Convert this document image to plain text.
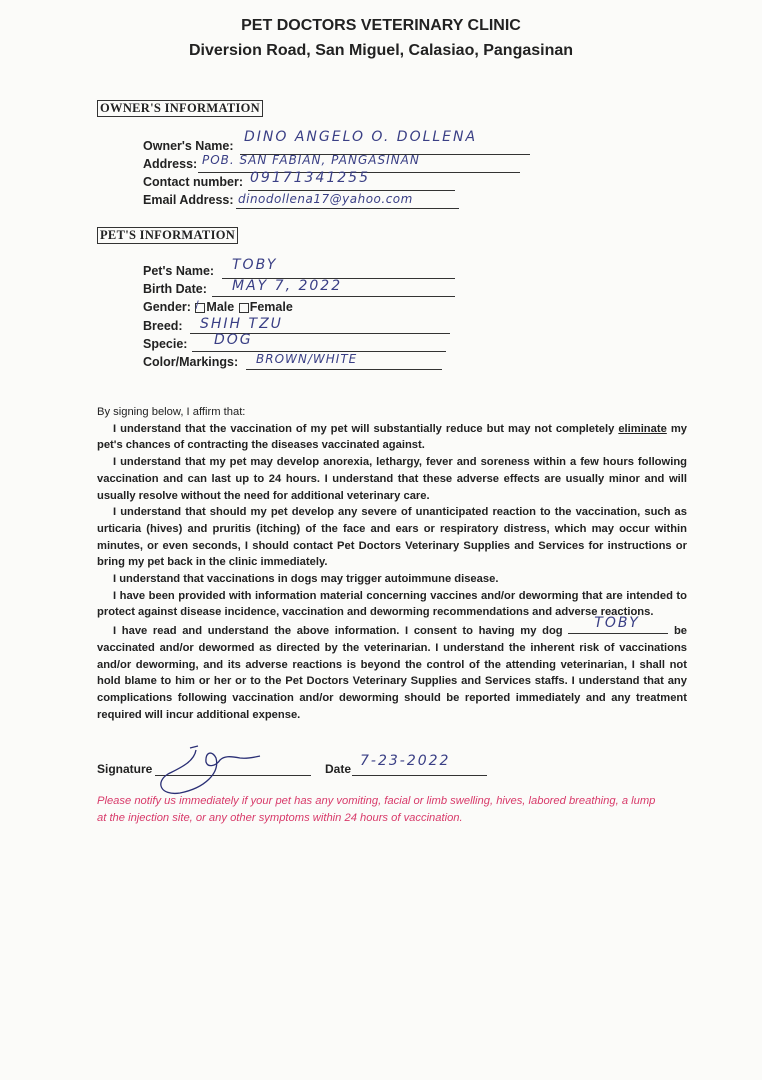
PET DOCTORS VETERINARY CLINIC
Diversion Road, San Miguel, Calasiao, Pangasinan
OWNER'S INFORMATION
Owner's Name:
DINO ANGELO O. DOLLENA
Address: POB. SAN FABIAN, PANGASINAN
Contact number: 09171341255
Email Address: dinodollena17@yahoo.com
PET'S INFORMATION
Pet's Name: TOBY
Birth Date: MAY 7, 2022
Gender: / Male Female
Breed: SHIH TZU
Specie: DOG
Color/Markings: BROWN/WHITE

By signing below, I affirm that:

I understand that the vaccination of my pet will substantially reduce but may not completely eliminate my pet's chances of contracting the diseases vaccinated against.

I understand that my pet may develop anorexia, lethargy, fever and soreness within a few hours following vaccination and can last up to 24 hours. I understand that these adverse effects are usually minor and will usually resolve without the need for additional veterinary care.

I understand that should my pet develop any severe of unanticipated reaction to the vaccination, such as urticaria (hives) and pruritis (itching) of the face and ears or respiratory distress, which may occur within minutes, or even seconds, I should contact Pet Doctors Veterinary Supplies and Services for instructions or bring my pet back in the clinic immediately.

I understand that vaccinations in dogs may trigger autoimmune disease.

I have been provided with information material concerning vaccines and/or deworming that are intended to protect against disease incidence, vaccination and deworming recommendations and adverse reactions.

I have read and understand the above information. I consent to having my dog	TOBY	be vaccinated and/or dewormed as directed by the veterinarian. I understand the inherent risk of vaccinations and/or deworming, and its adverse reactions is beyond the control of the attending veterinarian, I shall not hold blame to him or her or to the Pet Doctors Veterinary Supplies and Services staffs. I understand that any complications following vaccination and/or deworming should be reported immediately and any treatment required will incur additional expense.

Signature	Date 7-23-2022
Please notify us immediately if your pet has any vomiting, facial or limb swelling, hives, labored breathing, a lump at the injection site, or any other symptoms within 24 hours of vaccination.
